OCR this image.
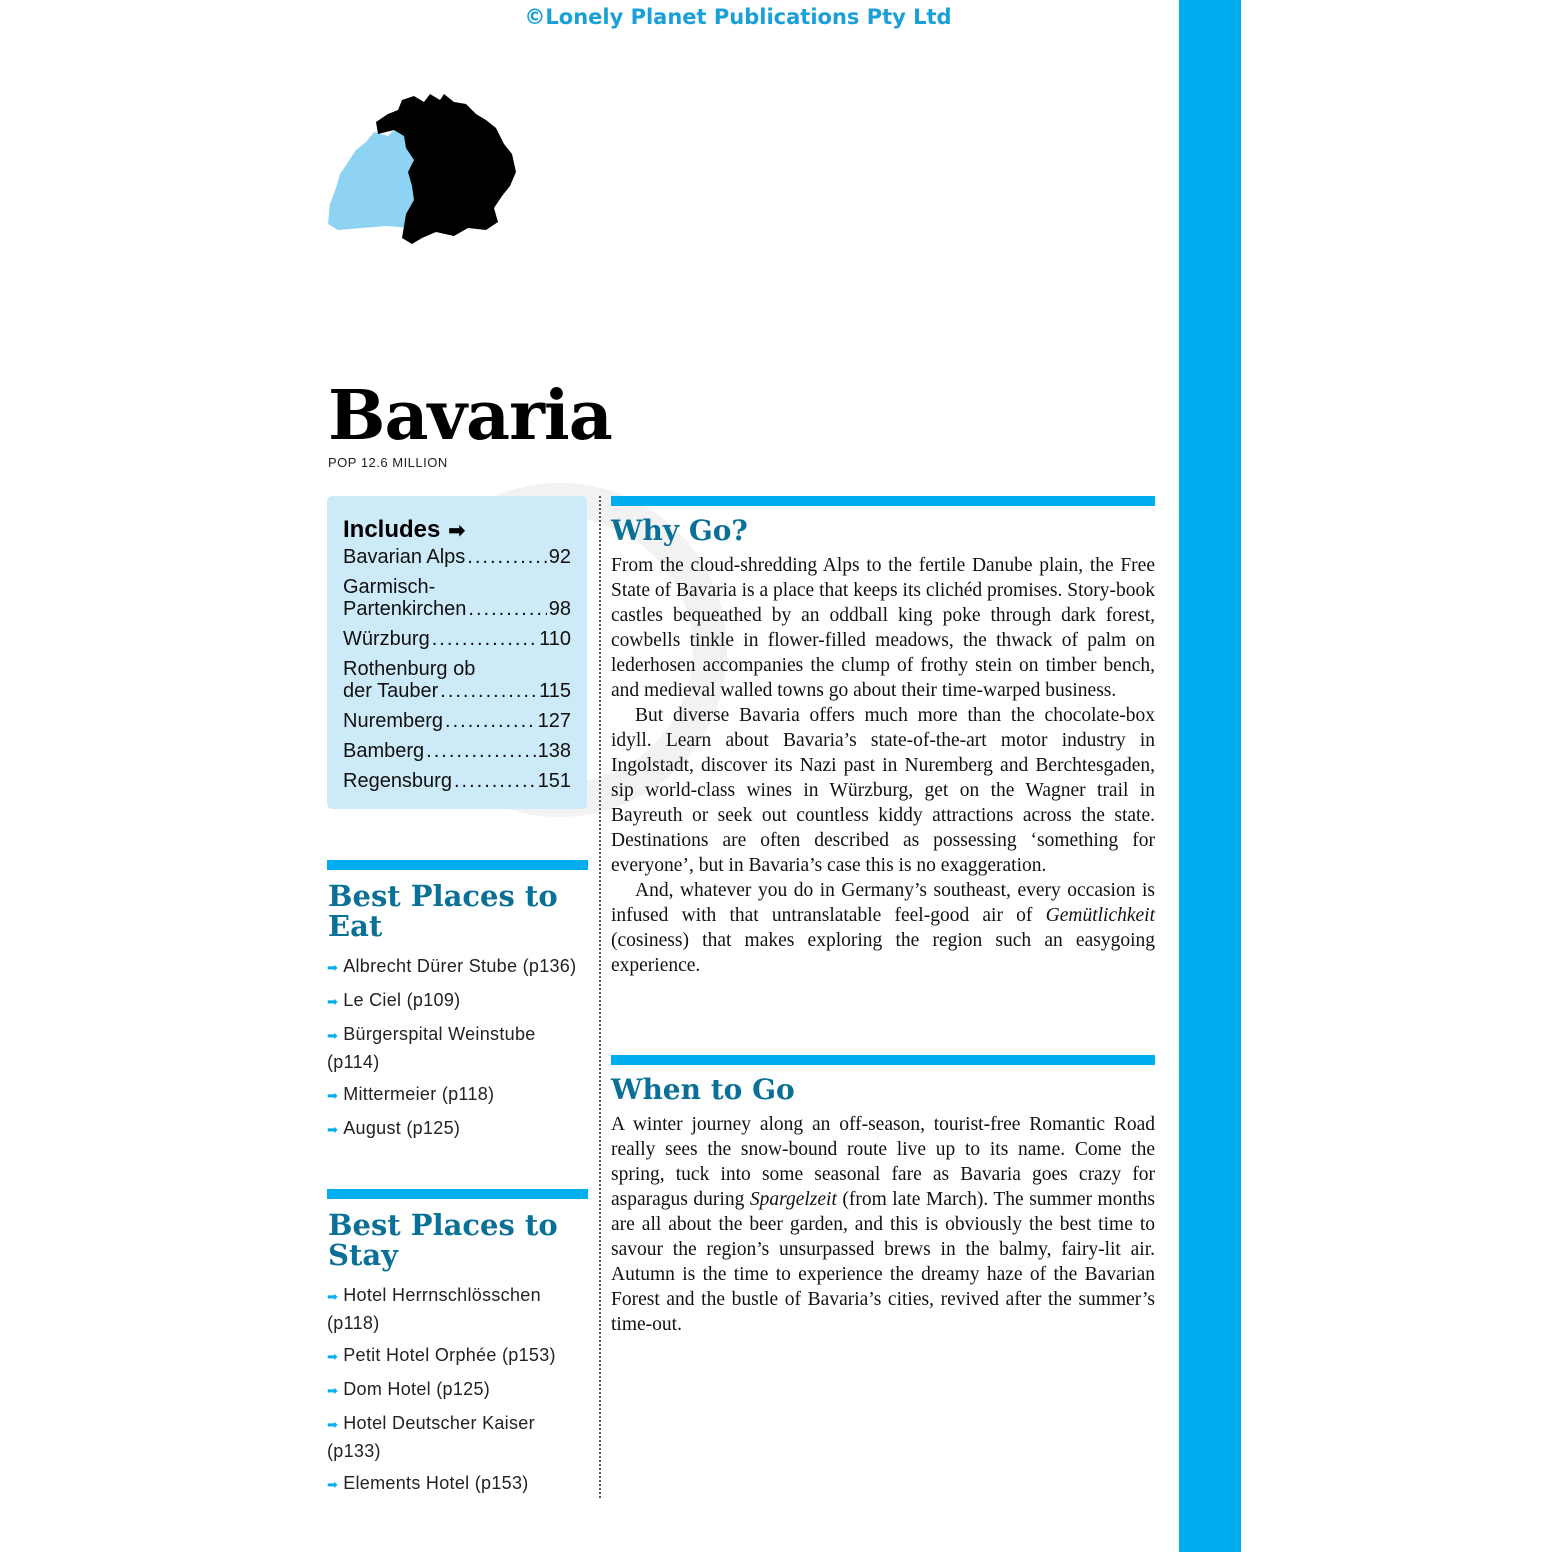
©Lonely Planet Publications Pty Ltd
Bavaria
POP 12.6 MILLION
Includes ➡
Bavarian Alps .....	92
Garmisch-
Partenkirchen .....	98
Würzburg .....	110
Rothenburg ob
der Tauber .....	115
Nuremberg .....	127
Bamberg .....	138
Regensburg .....	151
Best Places to
Eat
➡ Albrecht Dürer Stube (p136)
➡ Le Ciel (p109)
➡ Bürgerspital Weinstube (p114)
➡ Mittermeier (p118)
➡ August (p125)
Best Places to
Stay
➡ Hotel Herrnschlösschen (p118)
➡ Petit Hotel Orphée (p153)
➡ Dom Hotel (p125)
➡ Hotel Deutscher Kaiser (p133)
➡ Elements Hotel (p153)
Why Go?

From the cloud-shredding Alps to the fertile Danube plain, the Free State of Bavaria is a place that keeps its clichéd promises. Story-book castles bequeathed by an oddball king poke through dark forest, cowbells tinkle in flower-filled meadows, the thwack of palm on lederhosen accompanies the clump of frothy stein on timber bench, and medieval walled towns go about their time-warped business.

But diverse Bavaria offers much more than the chocolate-box idyll. Learn about Bavaria’s state-of-the-art motor industry in Ingolstadt, discover its Nazi past in Nuremberg and Berchtesgaden, sip world-class wines in Würzburg, get on the Wagner trail in Bayreuth or seek out countless kiddy attractions across the state. Destinations are often described as possessing ‘something for everyone’, but in Bavaria’s case this is no exaggeration.

And, whatever you do in Germany’s southeast, every occasion is infused with that untranslatable feel-good air of Gemütlichkeit (cosiness) that makes exploring the region such an easygoing experience.

When to Go

A winter journey along an off-season, tourist-free Romantic Road really sees the snow-bound route live up to its name. Come the spring, tuck into some seasonal fare as Bavaria goes crazy for asparagus during Spargelzeit (from late March). The summer months are all about the beer garden, and this is obviously the best time to savour the region’s unsurpassed brews in the balmy, fairy-lit air. Autumn is the time to experience the dreamy haze of the Bavarian Forest and the bustle of Bavaria’s cities, revived after the summer’s time-out.
